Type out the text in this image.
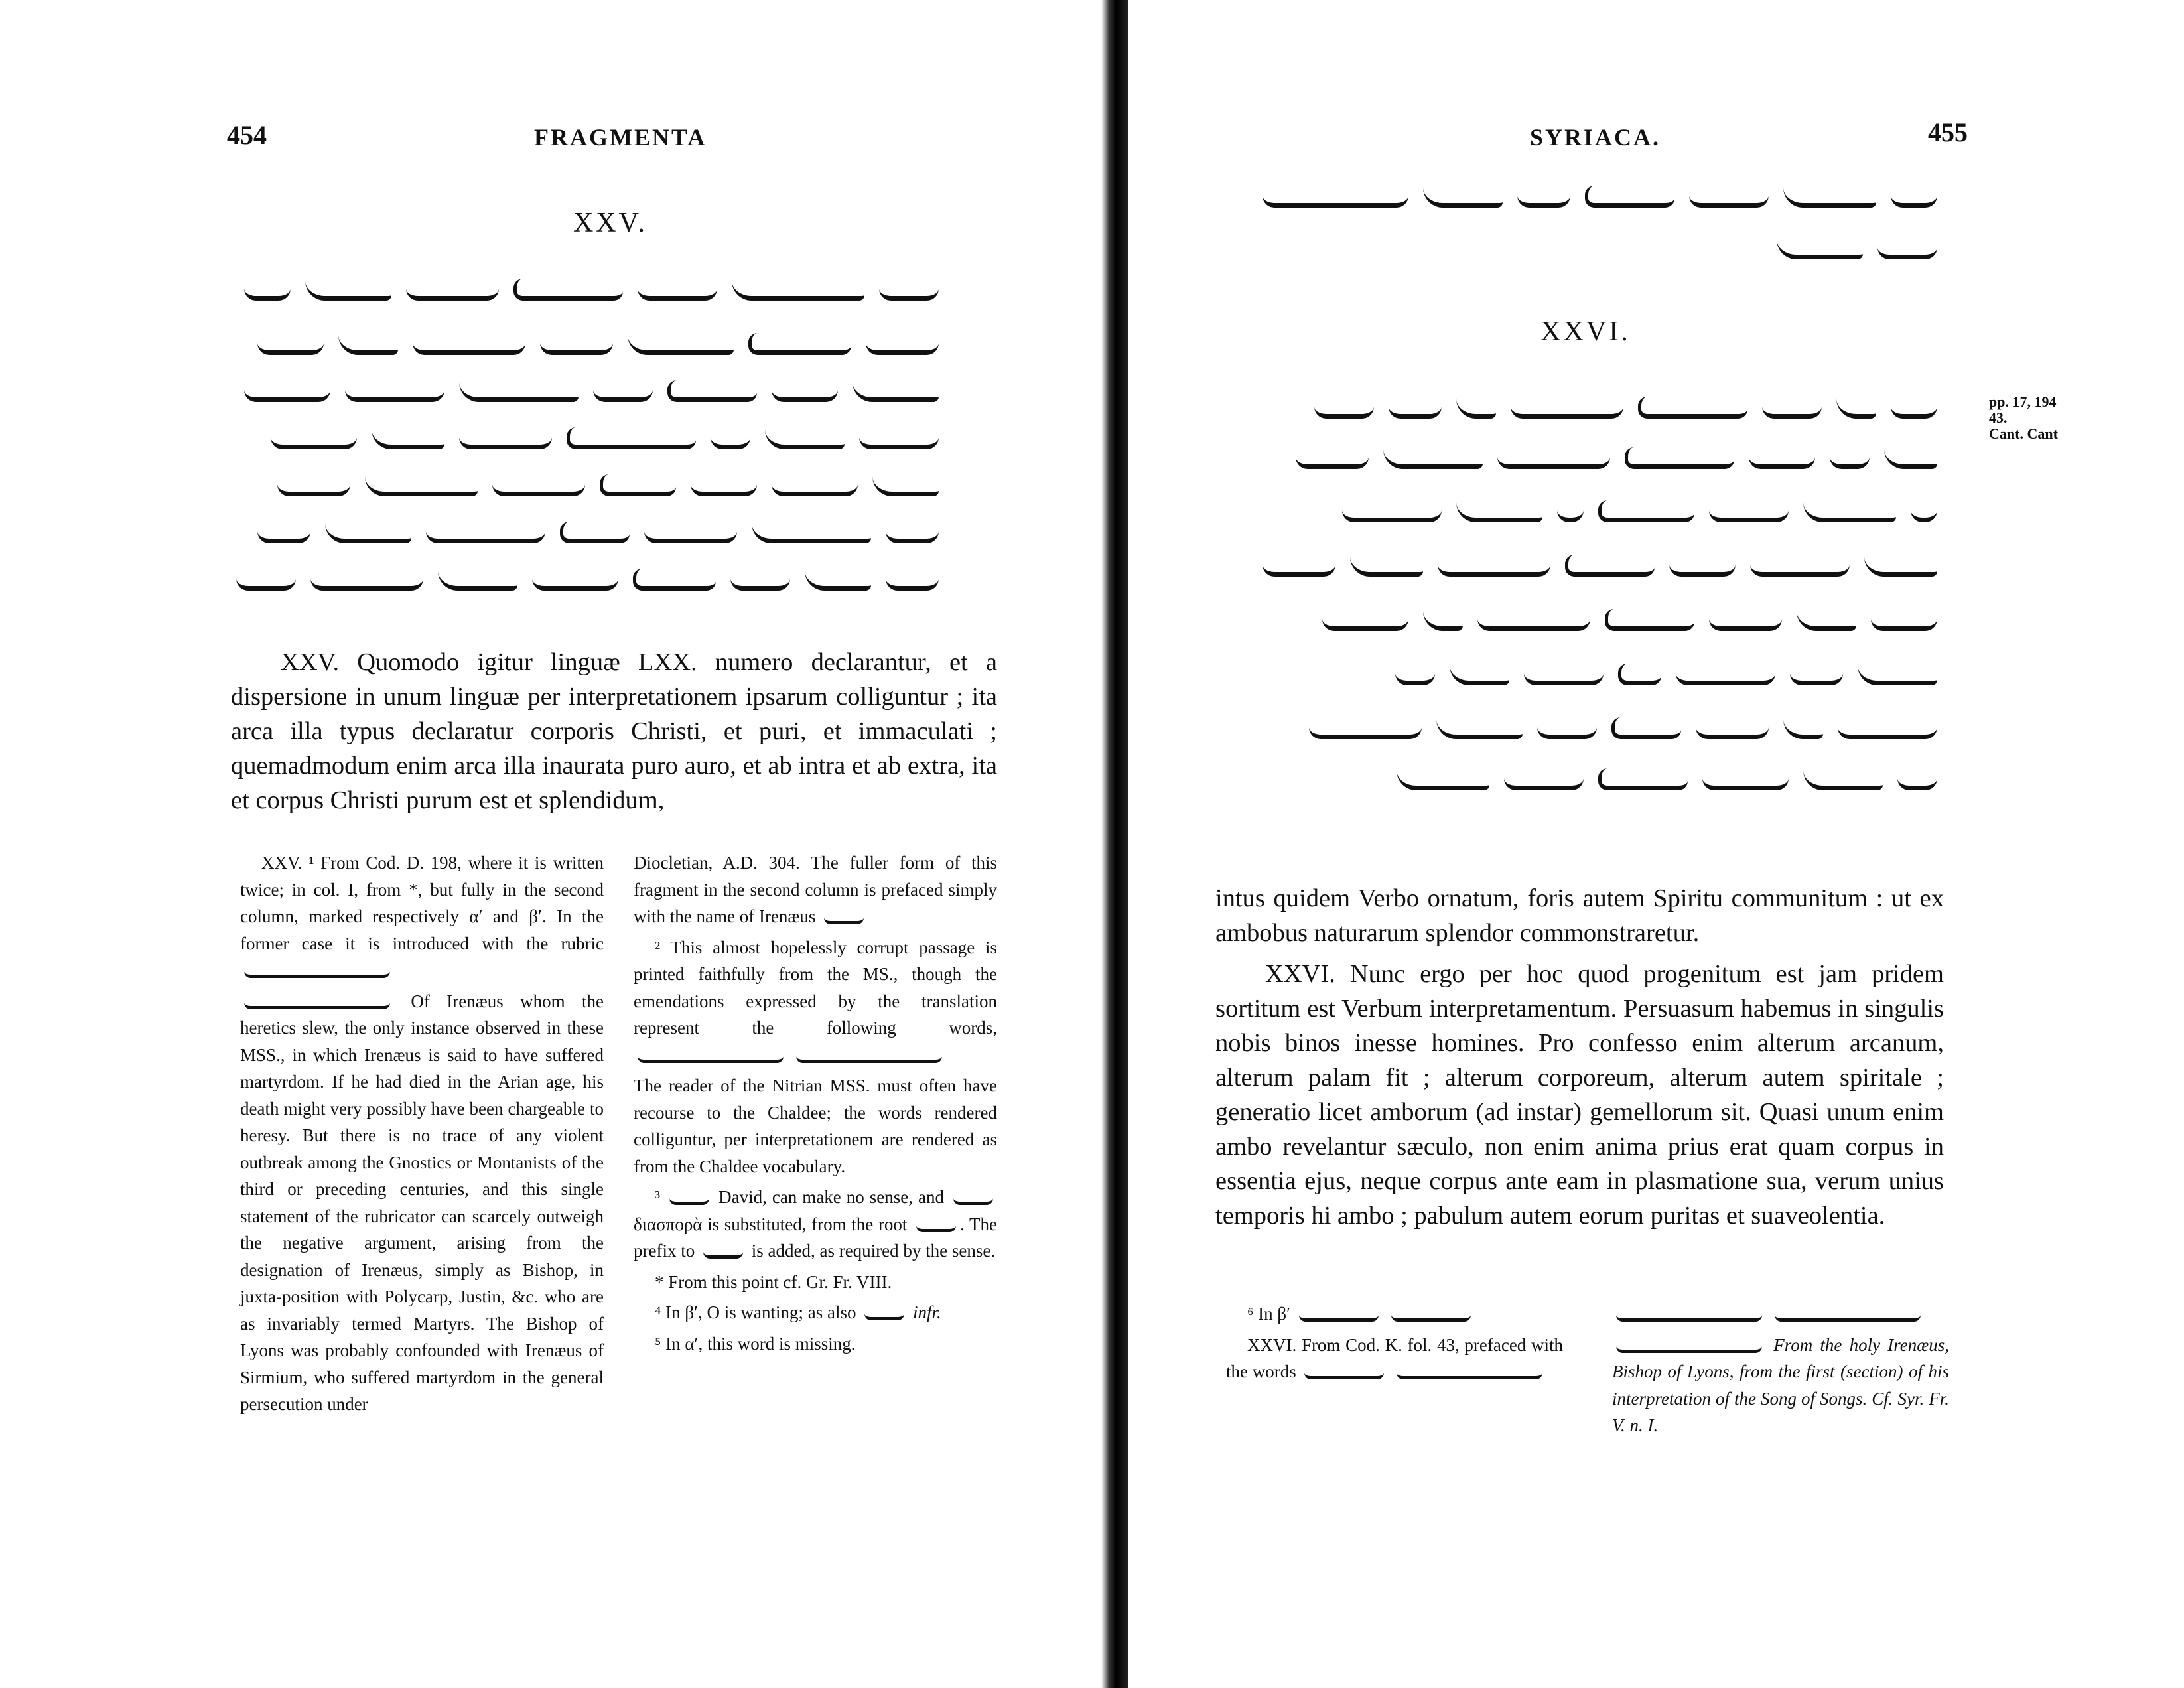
454	FRAGMENTA
XXV.

XXV. Quomodo igitur linguæ LXX. numero declarantur, et a dispersione in unum linguæ per interpretationem ipsarum colliguntur ; ita arca illa typus declaratur corporis Christi, et puri, et immaculati ; quemadmodum enim arca illa inaurata puro auro, et ab intra et ab extra, ita et corpus Christi purum est et splendidum,

XXV. ¹ From Cod. D. 198, where it is written twice; in col. I, from *, but fully in the second column, marked respectively α′ and β′. In the former case it is introduced with the rubric

Of Irenæus whom the heretics slew, the only instance observed in these MSS., in which Irenæus is said to have suffered martyrdom. If he had died in the Arian age, his death might very possibly have been chargeable to heresy. But there is no trace of any violent outbreak among the Gnostics or Montanists of the third or preceding centuries, and this single statement of the rubricator can scarcely outweigh the negative argument, arising from the designation of Irenæus, simply as Bishop, in juxta-position with Polycarp, Justin, &c. who are as invariably termed Martyrs. The Bishop of Lyons was probably confounded with Irenæus of Sirmium, who suffered martyrdom in the general persecution under

Diocletian, A.D. 304. The fuller form of this fragment in the second column is prefaced simply with the name of Irenæus

² This almost hopelessly corrupt passage is printed faithfully from the MS., though the emendations expressed by the translation represent the following words,

The reader of the Nitrian MSS. must often have recourse to the Chaldee; the words rendered colliguntur, per interpretationem are rendered as from the Chaldee vocabulary.

³	David, can make no sense, and  διασπορὰ is substituted, from the root	. The prefix to	is added, as required by the sense.

* From this point cf. Gr. Fr. VIII.

⁴ In β′, O is wanting; as also	infr.

⁵ In α′, this word is missing.

SYRIACA.	455
XXVI.
pp. 17, 194
43.
Cant. Cant

intus quidem Verbo ornatum, foris autem Spiritu communitum : ut ex ambobus naturarum splendor commonstraretur.

XXVI. Nunc ergo per hoc quod progenitum est jam pridem sortitum est Verbum interpretamentum. Persuasum habemus in singulis nobis binos inesse homines. Pro confesso enim alterum arcanum, alterum palam fit ; alterum corporeum, alterum autem spiritale ; generatio licet amborum (ad instar) gemellorum sit. Quasi unum enim ambo revelantur sæculo, non enim anima prius erat quam corpus in essentia ejus, neque corpus ante eam in plasmatione sua, verum unius temporis hi ambo ; pabulum autem eorum puritas et suaveolentia.

⁶ In β′

XXVI. From Cod. K. fol. 43, prefaced with the words

From the holy Irenæus, Bishop of Lyons, from the first (section) of his interpretation of the Song of Songs. Cf. Syr. Fr. V. n. I.
